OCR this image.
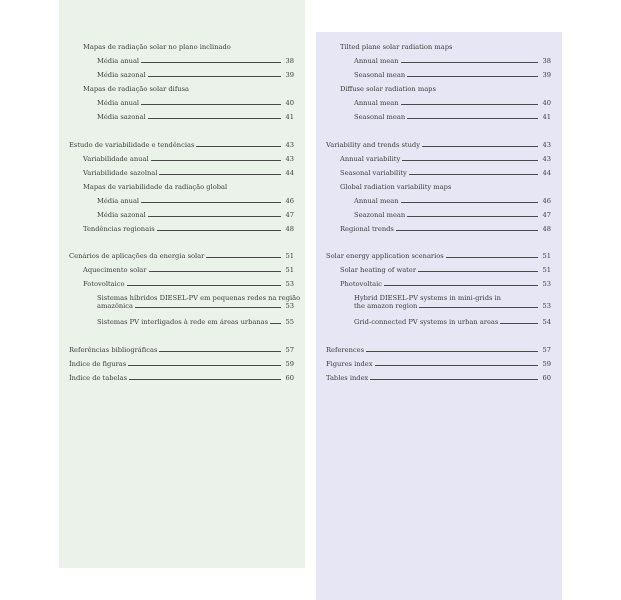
Mapas de radiação solar no plano inclinado
Média anual	38
Média sazonal	39
Mapas de radiação solar difusa
Média anual	40
Média sazonal	41
Estudo de variabilidade e tendências	43
Variabilidade anual	43
Variabilidade sazolnal	44
Mapas de variabilidade da radiação global
Média anual	46
Média sazonal	47
Tendências regionais	48
Cenários de aplicações da energia solar	51
Aquecimento solar	51
Fotovoltaico	53
Sistemas híbridos DIESEL-PV em pequenas redes na região
amazônica	53
Sistemas PV interligados à rede em áreas urbanas	55
Referências bibliográficas	57
Índice de figuras	59
Índice de tabelas	60
Tilted plane solar radiation maps
Annual mean	38
Seasonal mean	39
Diffuse solar radiation maps
Annual mean	40
Seasonal mean	41
Variability and trends study	43
Annual variability	43
Seasonal variability	44
Global radiation variability maps
Annual mean	46
Seazonal mean	47
Regional trends	48
Solar energy application scenarios	51
Solar heating of water	51
Photovoltaic	53
Hybrid DIESEL-PV systems in mini-grids in
the amazon region	53
Grid-connected PV systems in urban areas	54
References	57
Figures index	59
Tables index	60
